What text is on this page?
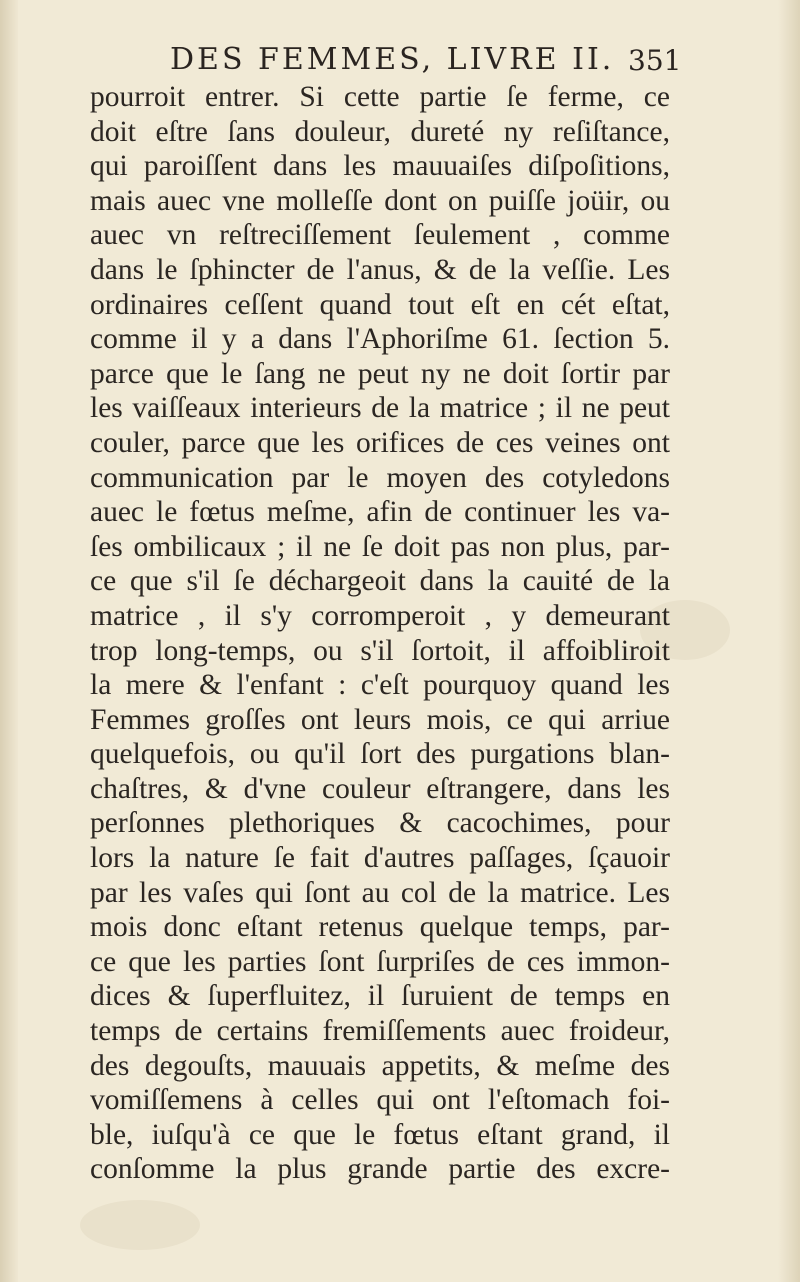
DES FEMMES, LIVRE II. 351
pourroit entrer. Si cette partie ſe ferme, ce
doit eſtre ſans douleur, dureté ny reſiſtance,
qui paroiſſent dans les mauuaiſes diſpoſitions,
mais auec vne molleſſe dont on puiſſe joüir, ou
auec vn reſtreciſſement ſeulement , comme
dans le ſphincter de l'anus, & de la veſſie. Les
ordinaires ceſſent quand tout eſt en cét eſtat,
comme il y a dans l'Aphoriſme 61. ſection 5.
parce que le ſang ne peut ny ne doit ſortir par
les vaiſſeaux interieurs de la matrice ; il ne peut
couler, parce que les orifices de ces veines ont
communication par le moyen des cotyledons
auec le fœtus meſme, afin de continuer les va-
ſes ombilicaux ; il ne ſe doit pas non plus, par-
ce que s'il ſe déchargeoit dans la cauité de la
matrice , il s'y corromperoit , y demeurant
trop long-temps, ou s'il ſortoit, il affoibliroit
la mere & l'enfant : c'eſt pourquoy quand les
Femmes groſſes ont leurs mois, ce qui arriue
quelquefois, ou qu'il ſort des purgations blan-
chaſtres, & d'vne couleur eſtrangere, dans les
perſonnes plethoriques & cacochimes, pour
lors la nature ſe fait d'autres paſſages, ſçauoir
par les vaſes qui ſont au col de la matrice. Les
mois donc eſtant retenus quelque temps, par-
ce que les parties ſont ſurpriſes de ces immon-
dices & ſuperfluitez, il ſuruient de temps en
temps de certains fremiſſements auec froideur,
des degouſts, mauuais appetits, & meſme des
vomiſſemens à celles qui ont l'eſtomach foi-
ble, iuſqu'à ce que le fœtus eſtant grand, il
conſomme la plus grande partie des excre-
